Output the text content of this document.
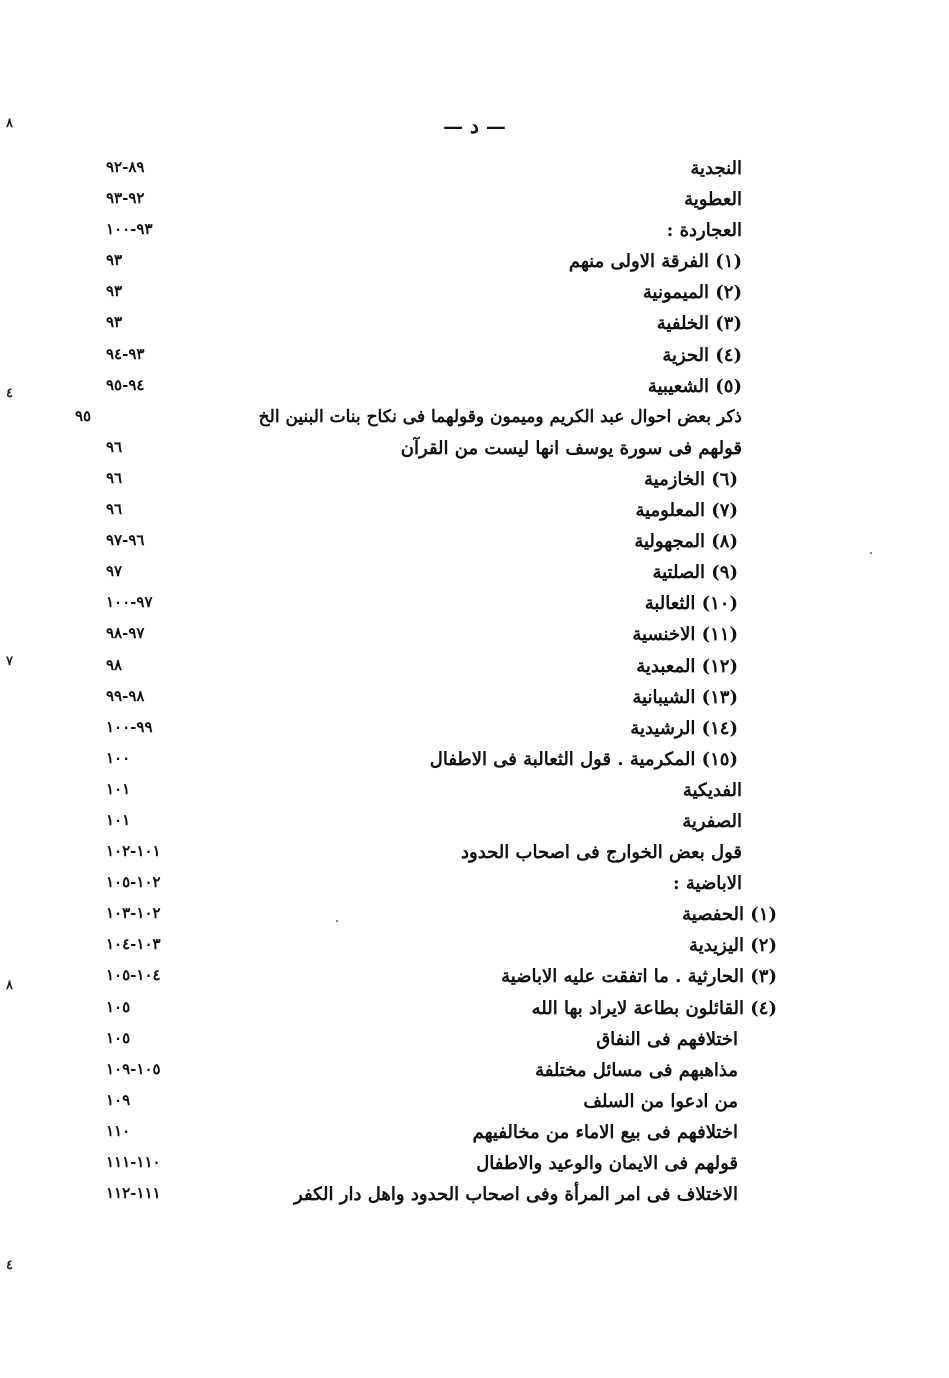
— د —
٨
٤
٧
٨
٤
النجدية
٨٩-٩٢
العطوية
٩٢-٩٣
العجاردة :
٩٣-١٠٠
(١) الفرقة الاولى منهم
٩٣
(٢) الميمونية
٩٣
(٣) الخلفية
٩٣
(٤) الحزية
٩٣-٩٤
(٥) الشعيبية
٩٤-٩٥
ذكر بعض احوال عبد الكريم وميمون وقولهما فى نكاح بنات البنين الخ
٩٥
قولهم فى سورة يوسف انها ليست من القرآن
٩٦
(٦) الخازمية
٩٦
(٧) المعلومية
٩٦
(٨) المجهولية
٩٦-٩٧
(٩) الصلتية
٩٧
(١٠) الثعالبة
٩٧-١٠٠
(١١) الاخنسية
٩٧-٩٨
(١٢) المعبدية
٩٨
(١٣) الشيبانية
٩٨-٩٩
(١٤) الرشيدية
٩٩-١٠٠
(١٥) المكرمية . قول الثعالبة فى الاطفال
١٠٠
الفديكية
١٠١
الصفرية
١٠١
قول بعض الخوارج فى اصحاب الحدود
١٠١-١٠٢
الاباضية :
١٠٢-١٠٥
(١) الحفصية
١٠٢-١٠٣
(٢) اليزيدية
١٠٣-١٠٤
(٣) الحارثية . ما اتفقت عليه الاباضية
١٠٤-١٠٥
(٤) القائلون بطاعة لايراد بها الله
١٠٥
اختلافهم فى النفاق
١٠٥
مذاهبهم فى مسائل مختلفة
١٠٥-١٠٩
من ادعوا من السلف
١٠٩
اختلافهم فى بيع الاماء من مخالفيهم
١١٠
قولهم فى الايمان والوعيد والاطفال
١١٠-١١١
الاختلاف فى امر المرأة وفى اصحاب الحدود واهل دار الكفر
١١١-١١٢
